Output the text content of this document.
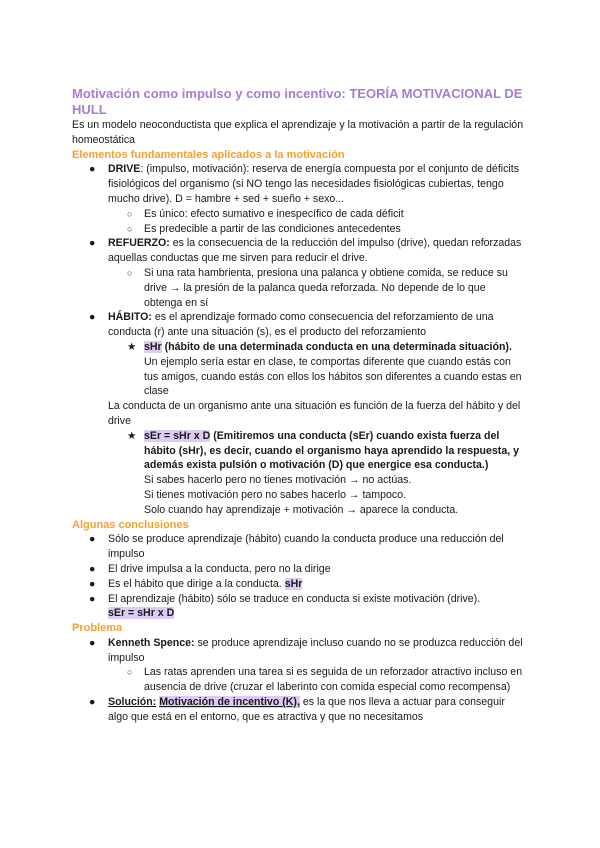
Motivación como impulso y como incentivo: TEORÍA MOTIVACIONAL DE HULL

Es un modelo neoconductista que explica el aprendizaje y la motivación a partir de la regulación homeostática

Elementos fundamentales aplicados a la motivación

● DRIVE: (impulso, motivación): reserva de energía compuesta por el conjunto de déficits fisiológicos del organismo (si NO tengo las necesidades fisiológicas cubiertas, tengo mucho drive). D = hambre + sed + sueño + sexo...
○ Es único: efecto sumativo e inespecífico de cada déficit
○ Es predecible a partir de las condiciones antecedentes
● REFUERZO: es la consecuencia de la reducción del impulso (drive), quedan reforzadas aquellas conductas que me sirven para reducir el drive.
○ Si una rata hambrienta, presiona una palanca y obtiene comida, se reduce su drive → la presión de la palanca queda reforzada. No depende de lo que obtenga en sí
● HÁBITO: es el aprendizaje formado como consecuencia del reforzamiento de una conducta (r) ante una situación (s), es el producto del reforzamiento
★ sHr (hábito de una determinada conducta en una determinada situación). Un ejemplo sería estar en clase, te comportas diferente que cuando estás con tus amigos, cuando estás con ellos los hábitos son diferentes a cuando estas en clase

La conducta de un organismo ante una situación es función de la fuerza del hábito y del drive

★ sEr = sHr x D (Emitiremos una conducta (sEr) cuando exista fuerza del hábito (sHr), es decir, cuando el organismo haya aprendido la respuesta, y además exista pulsión o motivación (D) que energice esa conducta.)

Si sabes hacerlo pero no tienes motivación → no actúas.

Si tienes motivación pero no sabes hacerlo → tampoco.

Solo cuando hay aprendizaje + motivación → aparece la conducta.

Algunas conclusiones

● Sólo se produce aprendizaje (hábito) cuando la conducta produce una reducción del impulso
● El drive impulsa a la conducta, pero no la dirige
● Es el hábito que dirige a la conducta. sHr
● El aprendizaje (hábito) sólo se traduce en conducta si existe motivación (drive).
sEr = sHr x D

Problema

● Kenneth Spence: se produce aprendizaje incluso cuando no se produzca reducción del impulso
○ Las ratas aprenden una tarea si es seguida de un reforzador atractivo incluso en ausencia de drive (cruzar el laberinto con comida especial como recompensa)
● Solución: Motivación de incentivo (K), es la que nos lleva a actuar para conseguir algo que está en el entorno, que es atractiva y que no necesitamos
